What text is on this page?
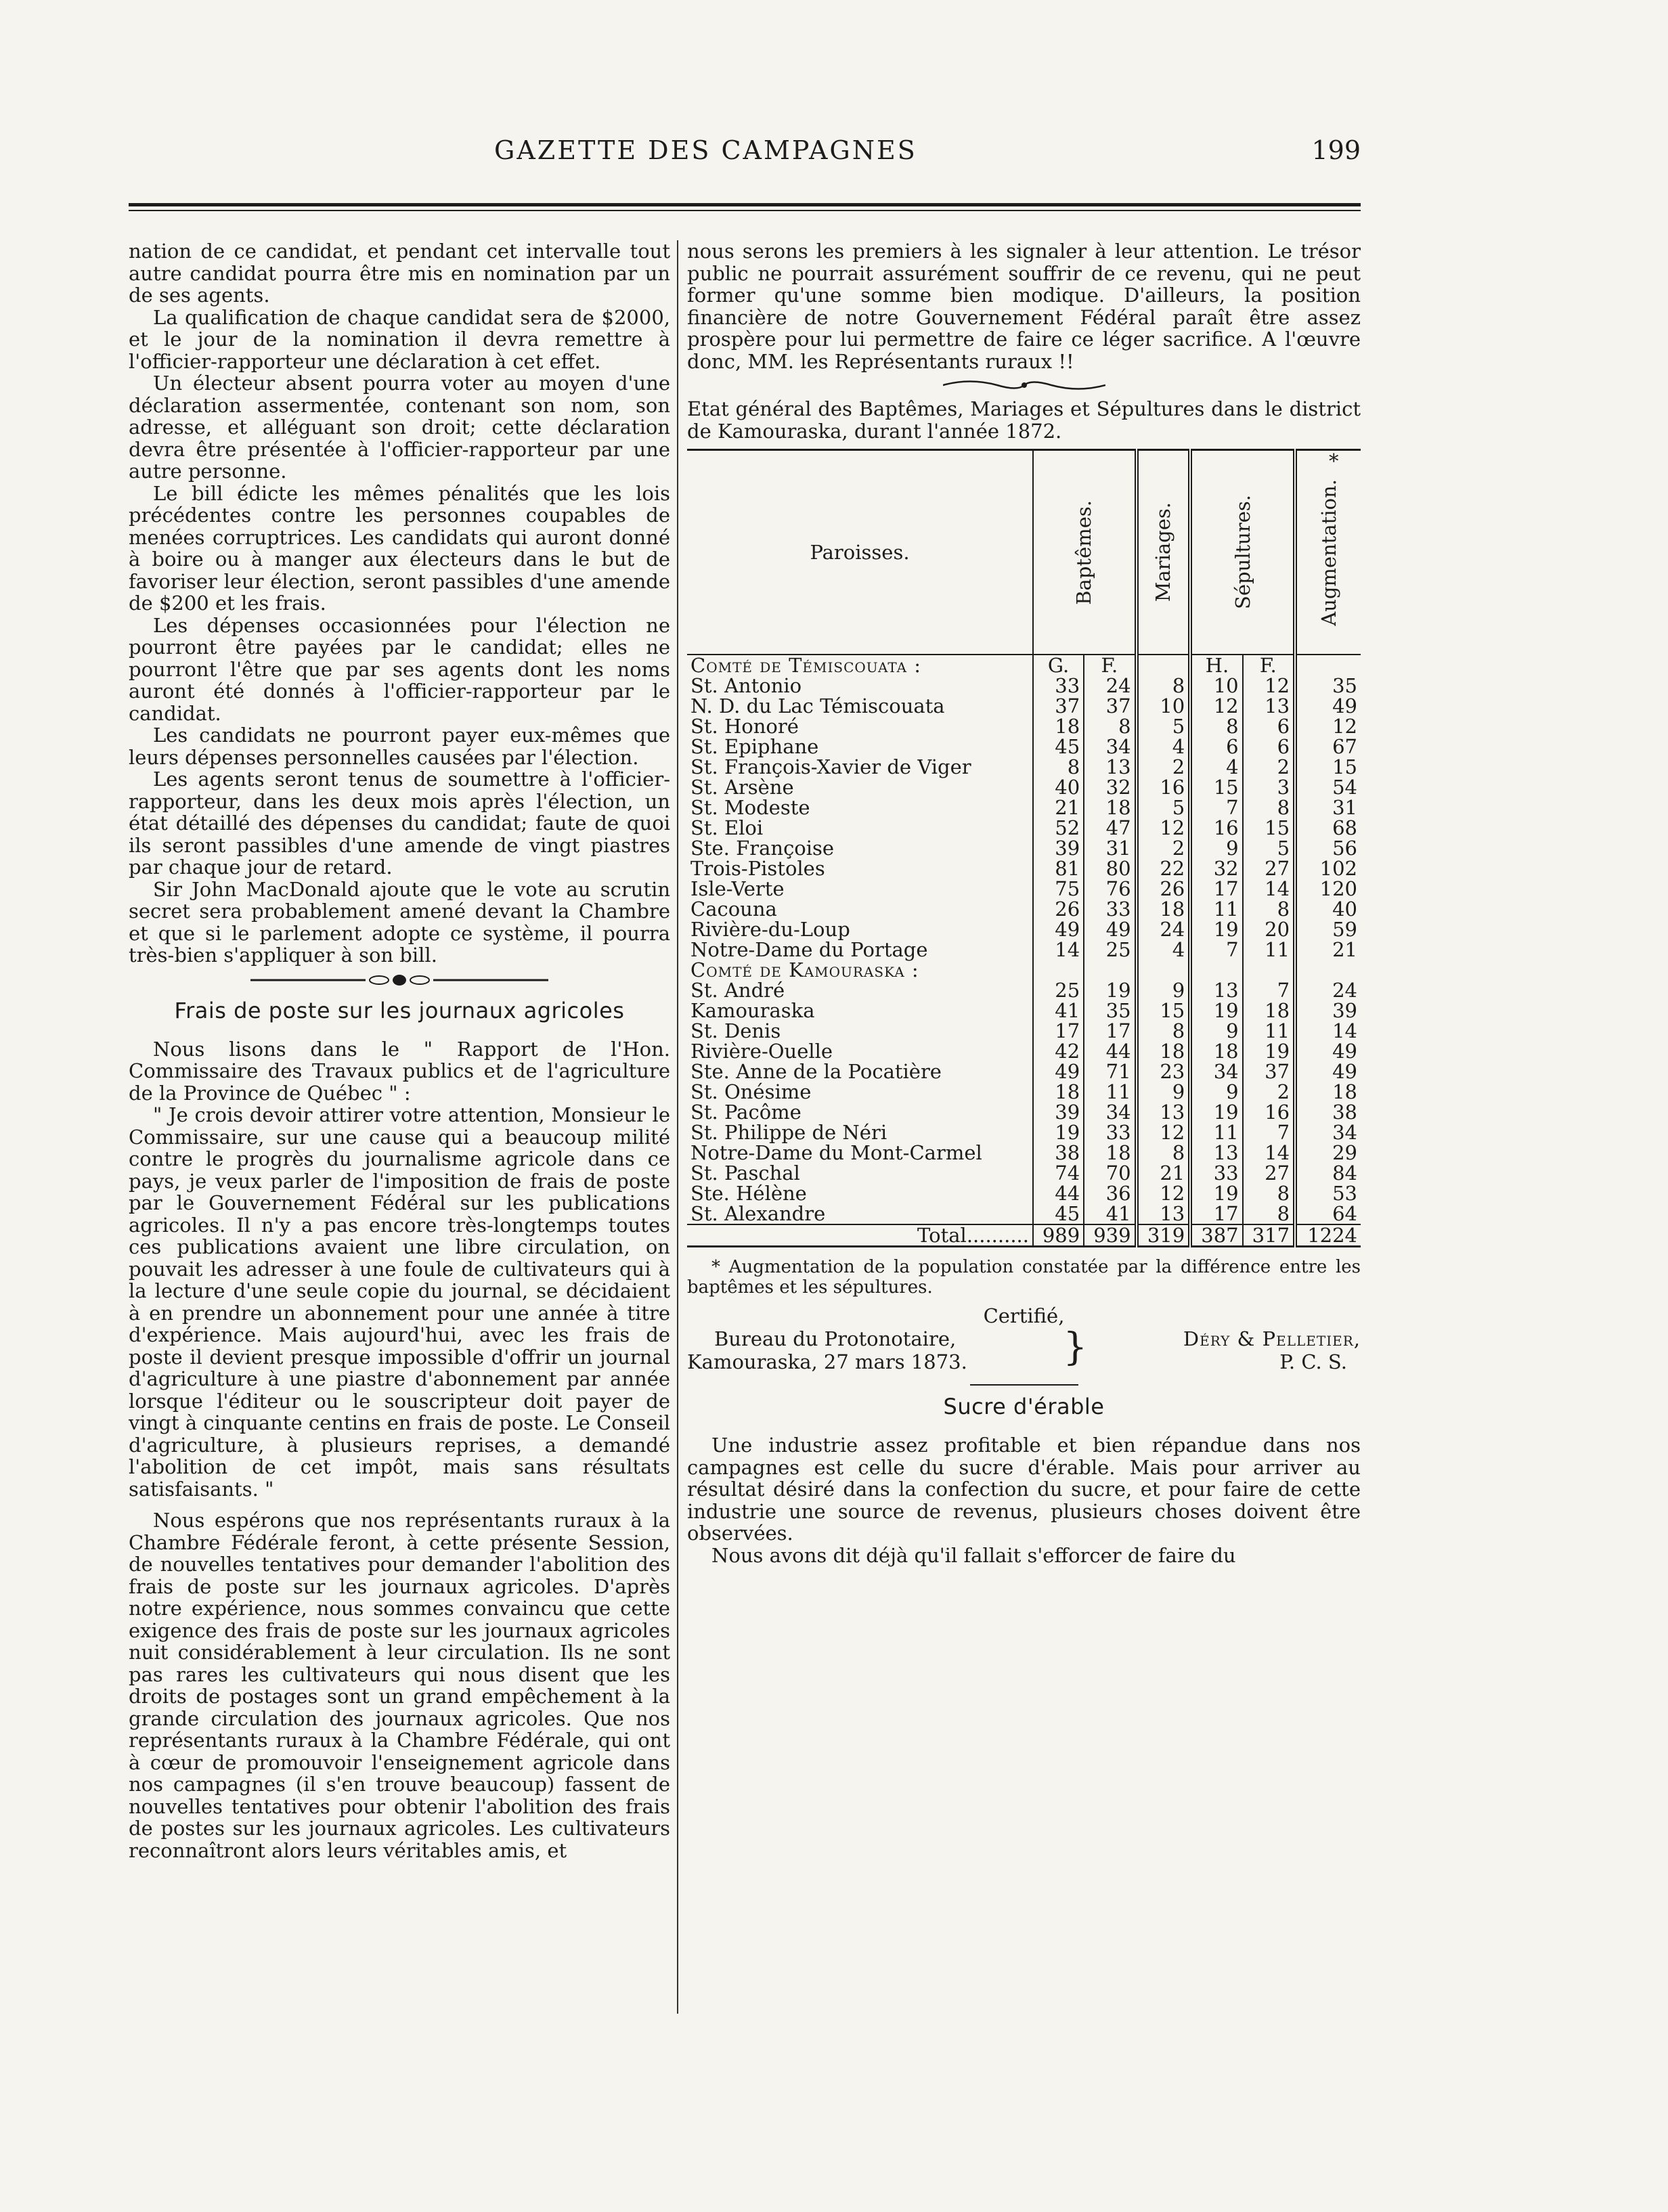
GAZETTE DES CAMPAGNES	199

nation de ce candidat, et pendant cet intervalle tout autre candidat pourra être mis en nomination par un de ses agents.

La qualification de chaque candidat sera de $2000, et le jour de la nomination il devra remettre à l'officier-rapporteur une déclaration à cet effet.

Un électeur absent pourra voter au moyen d'une déclaration assermentée, contenant son nom, son adresse, et alléguant son droit; cette déclaration devra être présentée à l'officier-rapporteur par une autre personne.

Le bill édicte les mêmes pénalités que les lois précédentes contre les personnes coupables de menées corruptrices. Les candidats qui auront donné à boire ou à manger aux électeurs dans le but de favoriser leur élection, seront passibles d'une amende de $200 et les frais.

Les dépenses occasionnées pour l'élection ne pourront être payées par le candidat; elles ne pourront l'être que par ses agents dont les noms auront été donnés à l'officier-rapporteur par le candidat.

Les candidats ne pourront payer eux-mêmes que leurs dépenses personnelles causées par l'élection.

Les agents seront tenus de soumettre à l'officier-rapporteur, dans les deux mois après l'élection, un état détaillé des dépenses du candidat; faute de quoi ils seront passibles d'une amende de vingt piastres par chaque jour de retard.

Sir John MacDonald ajoute que le vote au scrutin secret sera probablement amené devant la Chambre et que si le parlement adopte ce système, il pourra très-bien s'appliquer à son bill.

Frais de poste sur les journaux agricoles

Nous lisons dans le " Rapport de l'Hon. Commissaire des Travaux publics et de l'agriculture de la Province de Québec " :

" Je crois devoir attirer votre attention, Monsieur le Commissaire, sur une cause qui a beaucoup milité contre le progrès du journalisme agricole dans ce pays, je veux parler de l'imposition de frais de poste par le Gouvernement Fédéral sur les publications agricoles. Il n'y a pas encore très-longtemps toutes ces publications avaient une libre circulation, on pouvait les adresser à une foule de cultivateurs qui à la lecture d'une seule copie du journal, se décidaient à en prendre un abonnement pour une année à titre d'expérience. Mais aujourd'hui, avec les frais de poste il devient presque impossible d'offrir un journal d'agriculture à une piastre d'abonnement par année lorsque l'éditeur ou le souscripteur doit payer de vingt à cinquante centins en frais de poste. Le Conseil d'agriculture, à plusieurs reprises, a demandé l'abolition de cet impôt, mais sans résultats satisfaisants. "

Nous espérons que nos représentants ruraux à la Chambre Fédérale feront, à cette présente Session, de nouvelles tentatives pour demander l'abolition des frais de poste sur les journaux agricoles. D'après notre expérience, nous sommes convaincu que cette exigence des frais de poste sur les journaux agricoles nuit considérablement à leur circulation. Ils ne sont pas rares les cultivateurs qui nous disent que les droits de postages sont un grand empêchement à la grande circulation des journaux agricoles. Que nos représentants ruraux à la Chambre Fédérale, qui ont à cœur de promouvoir l'enseignement agricole dans nos campagnes (il s'en trouve beaucoup) fassent de nouvelles tentatives pour obtenir l'abolition des frais de postes sur les journaux agricoles. Les cultivateurs reconnaîtront alors leurs véritables amis, et

nous serons les premiers à les signaler à leur attention. Le trésor public ne pourrait assurément souffrir de ce revenu, qui ne peut former qu'une somme bien modique. D'ailleurs, la position financière de notre Gouvernement Fédéral paraît être assez prospère pour lui permettre de faire ce léger sacrifice. A l'œuvre donc, MM. les Représentants ruraux !!

Etat général des Baptêmes, Mariages et Sépultures dans le district de Kamouraska, durant l'année 1872.

Paroisses.	Baptêmes.		Mariages.	Sépultures.		*
Augmentation.

Comté de Témiscouata :	G.	F.		H.	F.	
St. Antonio	33	24	8	10	12	35
N. D. du Lac Témiscouata	37	37	10	12	13	49
St. Honoré	18	8	5	8	6	12
St. Epiphane	45	34	4	6	6	67
St. François-Xavier de Viger	8	13	2	4	2	15
St. Arsène	40	32	16	15	3	54
St. Modeste	21	18	5	7	8	31
St. Eloi	52	47	12	16	15	68
Ste. Françoise	39	31	2	9	5	56
Trois-Pistoles	81	80	22	32	27	102
Isle-Verte	75	76	26	17	14	120
Cacouna	26	33	18	11	8	40
Rivière-du-Loup	49	49	24	19	20	59
Notre-Dame du Portage	14	25	4	7	11	21
Comté de Kamouraska :						
St. André	25	19	9	13	7	24
Kamouraska	41	35	15	19	18	39
St. Denis	17	17	8	9	11	14
Rivière-Ouelle	42	44	18	18	19	49
Ste. Anne de la Pocatière	49	71	23	34	37	49
St. Onésime	18	11	9	9	2	18
St. Pacôme	39	34	13	19	16	38
St. Philippe de Néri	19	33	12	11	7	34
Notre-Dame du Mont-Carmel	38	18	8	13	14	29
St. Paschal	74	70	21	33	27	84
Ste. Hélène	44	36	12	19	8	53
St. Alexandre	45	41	13	17	8	64
Total..........	989	939	319	387	317	1224

* Augmentation de la population constatée par la différence entre les baptêmes et les sépultures.

Certifié,
Bureau du Protonotaire,
Kamouraska, 27 mars 1873.	}	Déry & Pelletier,
P. C. S.
Sucre d'érable

Une industrie assez profitable et bien répandue dans nos campagnes est celle du sucre d'érable. Mais pour arriver au résultat désiré dans la confection du sucre, et pour faire de cette industrie une source de revenus, plusieurs choses doivent être observées.

Nous avons dit déjà qu'il fallait s'efforcer de faire du
